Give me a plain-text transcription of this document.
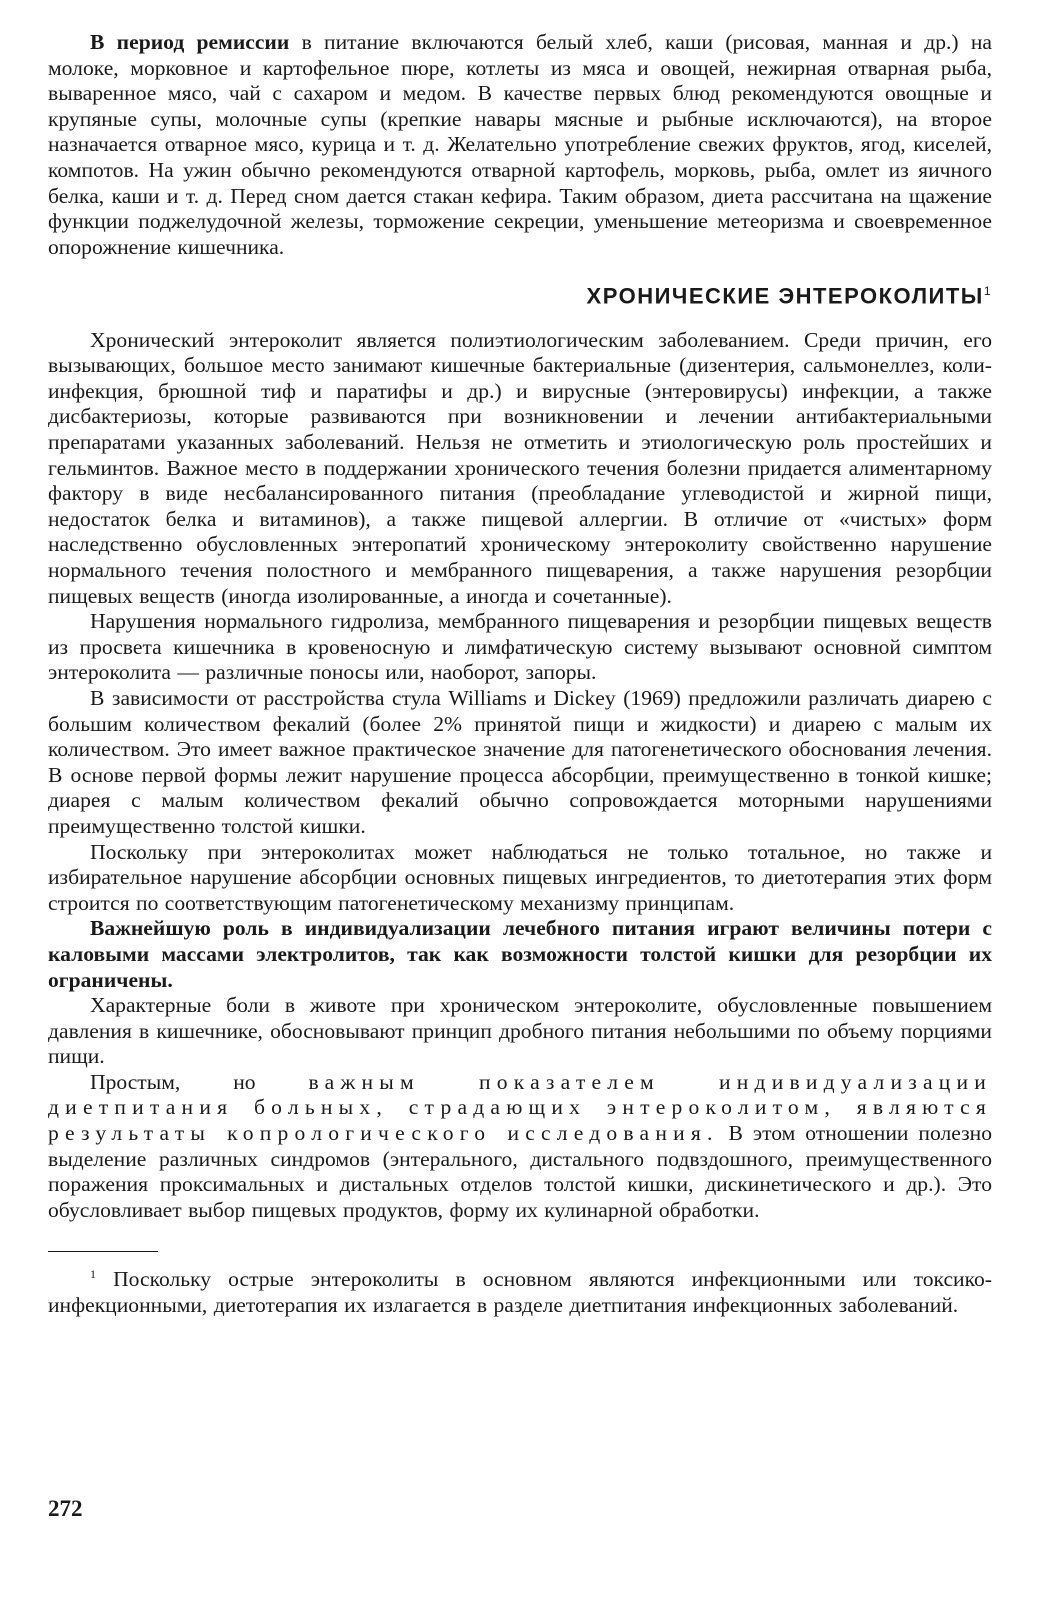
В период ремиссии в питание включаются белый хлеб, каши (рисовая, манная и др.) на молоке, морковное и картофельное пюре, котлеты из мяса и овощей, нежирная отварная рыба, вываренное мясо, чай с сахаром и медом. В качестве первых блюд рекомендуются овощные и крупяные супы, молочные супы (крепкие навары мясные и рыбные исключаются), на второе назначается отварное мясо, курица и т. д. Желательно употребление свежих фруктов, ягод, киселей, компотов. На ужин обычно рекомендуются отварной картофель, морковь, рыба, омлет из яичного белка, каши и т. д. Перед сном дается стакан кефира. Таким образом, диета рассчитана на щажение функции поджелудочной железы, торможение секреции, уменьшение метеоризма и своевременное опорожнение кишечника.

ХРОНИЧЕСКИЕ ЭНТЕРОКОЛИТЫ$^1$

Хронический энтероколит является полиэтиологическим заболеванием. Среди причин, его вызывающих, большое место занимают кишечные бактериальные (дизентерия, сальмонеллез, коли-инфекция, брюшной тиф и паратифы и др.) и вирусные (энтеровирусы) инфекции, а также дисбактериозы, которые развиваются при возникновении и лечении антибактериальными препаратами указанных заболеваний. Нельзя не отметить и этиологическую роль простейших и гельминтов. Важное место в поддержании хронического течения болезни придается алиментарному фактору в виде несбалансированного питания (преобладание углеводистой и жирной пищи, недостаток белка и витаминов), а также пищевой аллергии. В отличие от «чистых» форм наследственно обусловленных энтеропатий хроническому энтероколиту свойственно нарушение нормального течения полостного и мембранного пищеварения, а также нарушения резорбции пищевых веществ (иногда изолированные, а иногда и сочетанные).

Нарушения нормального гидролиза, мембранного пищеварения и резорбции пищевых веществ из просвета кишечника в кровеносную и лимфатическую систему вызывают основной симптом энтероколита — различные поносы или, наоборот, запоры.

В зависимости от расстройства стула Williams и Dickey (1969) предложили различать диарею с большим количеством фекалий (более 2% принятой пищи и жидкости) и диарею с малым их количеством. Это имеет важное практическое значение для патогенетического обоснования лечения. В основе первой формы лежит нарушение процесса абсорбции, преимущественно в тонкой кишке; диарея с малым количеством фекалий обычно сопровождается моторными нарушениями преимущественно толстой кишки.

Поскольку при энтероколитах может наблюдаться не только тотальное, но также и избирательное нарушение абсорбции основных пищевых ингредиентов, то диетотерапия этих форм строится по соответствующим патогенетическому механизму принципам.

Важнейшую роль в индивидуализации лечебного питания играют величины потери с каловыми массами электролитов, так как возможности толстой кишки для резорбции их ограничены.

Характерные боли в животе при хроническом энтероколите, обусловленные повышением давления в кишечнике, обосновывают принцип дробного питания небольшими по объему порциями пищи.

Простым, но важным показателем индивидуализации диетпитания больных, страдающих энтероколитом, являются результаты копрологического исследования. В этом отношении полезно выделение различных синдромов (энтерального, дистального подвздошного, преимущественного поражения проксимальных и дистальных отделов толстой кишки, дискинетического и др.). Это обусловливает выбор пищевых продуктов, форму их кулинарной обработки.

$^1$ Поскольку острые энтероколиты в основном являются инфекционными или токсико-инфекционными, диетотерапия их излагается в разделе диетпитания инфекционных заболеваний.

272
